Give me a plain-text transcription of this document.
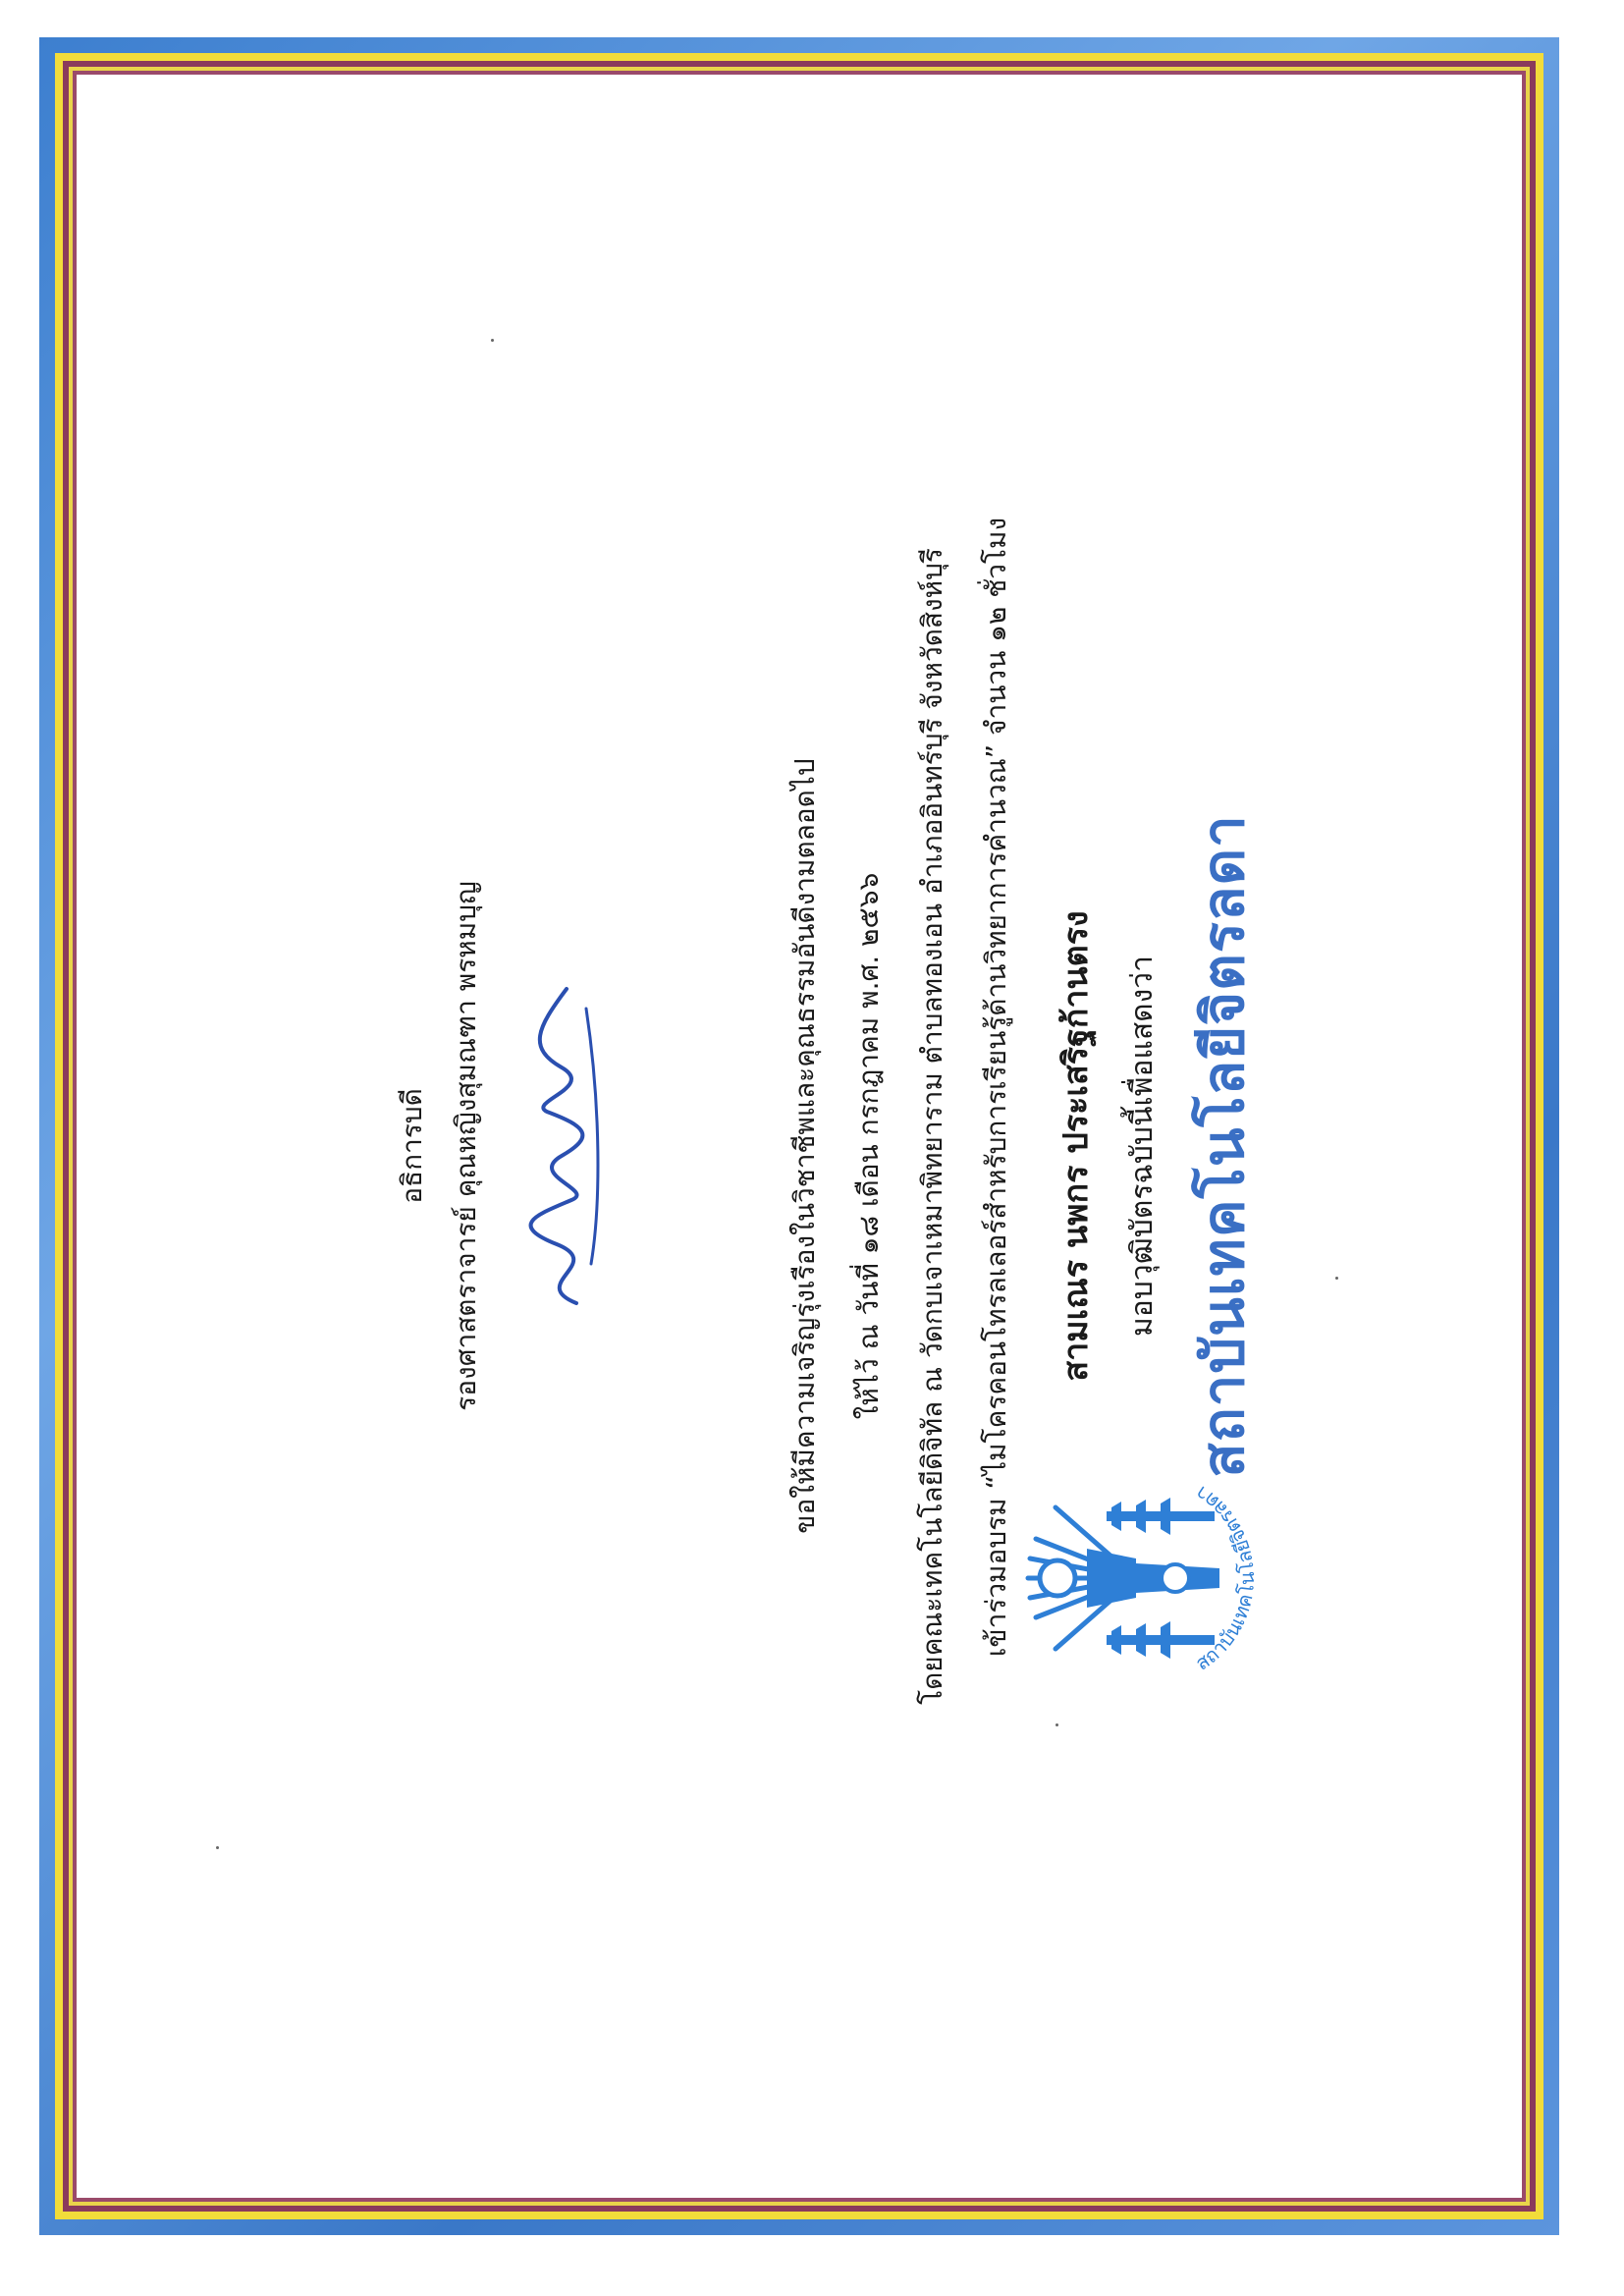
สถาบันเทคโนโลยีจิตรลดา
สถาบันเทคโนโลยีจิตรลดา
มอบวุฒิบัตรฉบับนี้เพื่อแสดงว่า
สามเณร นพกร ประเสริฐก้านตรง
เข้าร่วมอบรม “ไมโครคอนโทรลเลอร์สำหรับการเรียนรู้ด้านวิทยาการคำนวณ” จำนวน ๑๒ ชั่วโมง
โดยคณะเทคโนโลยีดิจิทัล ณ วัดกบเจาเหมาพิทยาราม ตำบลทองเอน อำเภออินทร์บุรี จังหวัดสิงห์บุรี
ให้ไว้ ณ วันที่ ๑๘ เดือน กรกฎาคม พ.ศ. ๒๕๖๖
ขอให้มีความเจริญรุ่งเรืองในวิชาชีพและคุณธรรมอันดีงามตลอดไป
รองศาสตราจารย์ คุณหญิงสุมณฑา พรหมบุญ
อธิการบดี
